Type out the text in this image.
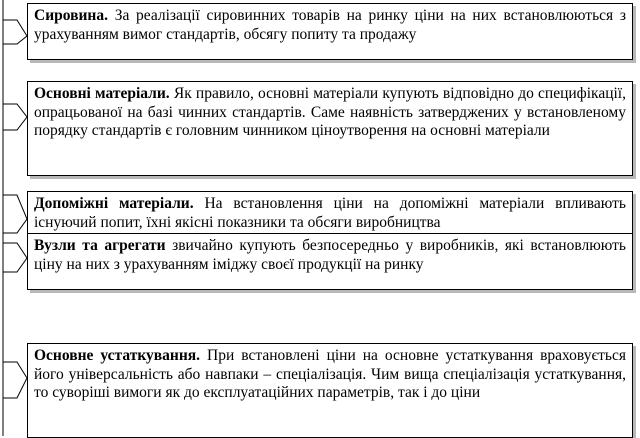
Сировина. За реалізації сировинних товарів на ринку ціни на них встановлюються з урахуванням вимог стандартів, обсягу попиту та продажу
Основні матеріали. Як правило, основні матеріали купують відповідно до специфікації, опрацьованої на базі чинних стандартів. Саме наявність затверджених у встановленому порядку стандартів є головним чинником ціноутворення на основні матеріали
Допоміжні матеріали. На встановлення ціни на допоміжні матеріали впливають існуючий попит, їхні якісні показники та обсяги виробництва
Вузли та агрегати звичайно купують безпосередньо у виробників, які встановлюють ціну на них з урахуванням іміджу своєї продукції на ринку
Основне устаткування. При встановлені ціни на основне устаткування враховується його універсальність або навпаки – спеціалізація. Чим вища спеціалізація устаткування, то суворіші вимоги як до експлуатаційних параметрів, так і до ціни
